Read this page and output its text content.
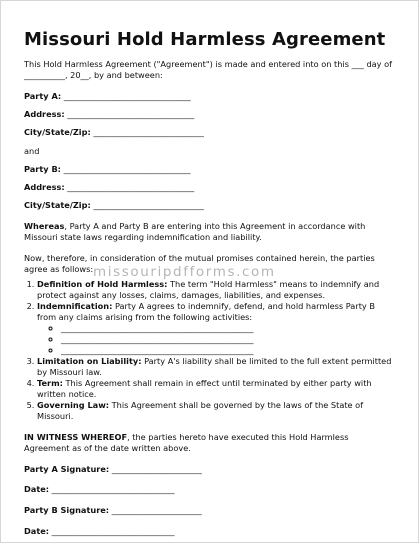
Missouri Hold Harmless Agreement

This Hold Harmless Agreement ("Agreement") is made and entered into on this ___ day of __________, 20__, by and between:

Party A: _______________________________
Address: _______________________________
City/State/Zip: ___________________________

and

Party B: _______________________________
Address: _______________________________
City/State/Zip: ___________________________

Whereas, Party A and Party B are entering into this Agreement in accordance with Missouri state laws regarding indemnification and liability.

Now, therefore, in consideration of the mutual promises contained herein, the parties agree as follows:

1. Definition of Hold Harmless: The term "Hold Harmless" means to indemnify and protect against any losses, claims, damages, liabilities, and expenses.
2. Indemnification: Party A agrees to indemnify, defend, and hold harmless Party B from any claims arising from the following activities:
◦ _______________________________________________
◦ _______________________________________________
◦ _______________________________________________
3. Limitation on Liability: Party A's liability shall be limited to the full extent permitted by Missouri law.
4. Term: This Agreement shall remain in effect until terminated by either party with written notice.
5. Governing Law: This Agreement shall be governed by the laws of the State of Missouri.

IN WITNESS WHEREOF, the parties hereto have executed this Hold Harmless Agreement as of the date written above.

Party A Signature: ______________________
Date: ______________________________
Party B Signature: ______________________
Date: ______________________________
missouripdfforms.com
